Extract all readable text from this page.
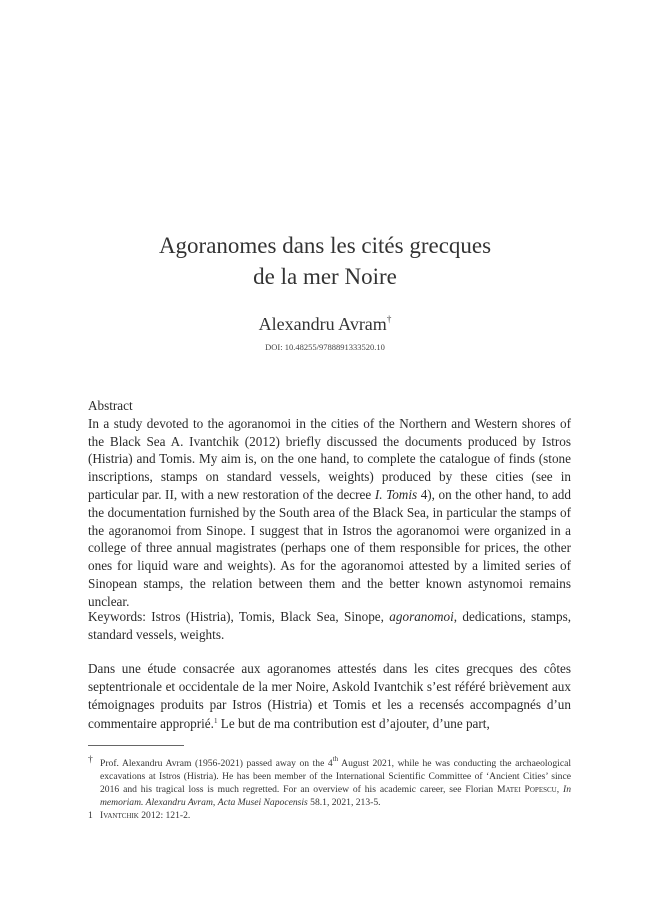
Agoranomes dans les cités grecques
de la mer Noire
Alexandru Avram†
DOI: 10.48255/9788891333520.10
Abstract
In a study devoted to the agoranomoi in the cities of the Northern and Western shores of the Black Sea A. Ivantchik (2012) briefly discussed the documents produced by Istros (Histria) and Tomis. My aim is, on the one hand, to complete the catalogue of finds (stone inscriptions, stamps on standard vessels, weights) produced by these cities (see in particular par. II, with a new restoration of the decree I. Tomis 4), on the other hand, to add the documentation furnished by the South area of the Black Sea, in particular the stamps of the agoranomoi from Sinope. I suggest that in Istros the agoranomoi were organized in a college of three annual magistrates (perhaps one of them responsible for prices, the other ones for liquid ware and weights). As for the agoranomoi attested by a limited series of Sinopean stamps, the relation between them and the better known astynomoi remains unclear.
Keywords: Istros (Histria), Tomis, Black Sea, Sinope, agoranomoi, dedications, stamps, standard vessels, weights.
Dans une étude consacrée aux agoranomes attestés dans les cites grecques des côtes septentrionale et occidentale de la mer Noire, Askold Ivantchik s’est référé brièvement aux témoignages produits par Istros (Histria) et Tomis et les a recensés accompagnés d’un commentaire approprié.$^1$ Le but de ma contribution est d’ajouter, d’une part,
† Prof. Alexandru Avram (1956-2021) passed away on the 4th August 2021, while he was conducting the archaeological excavations at Istros (Histria). He has been member of the International Scientific Committee of ‘Ancient Cities’ since 2016 and his tragical loss is much regretted. For an overview of his academic career, see Florian Matei Popescu, In memoriam. Alexandru Avram, Acta Musei Napocensis 58.1, 2021, 213-5.
1 Ivantchik 2012: 121-2.
